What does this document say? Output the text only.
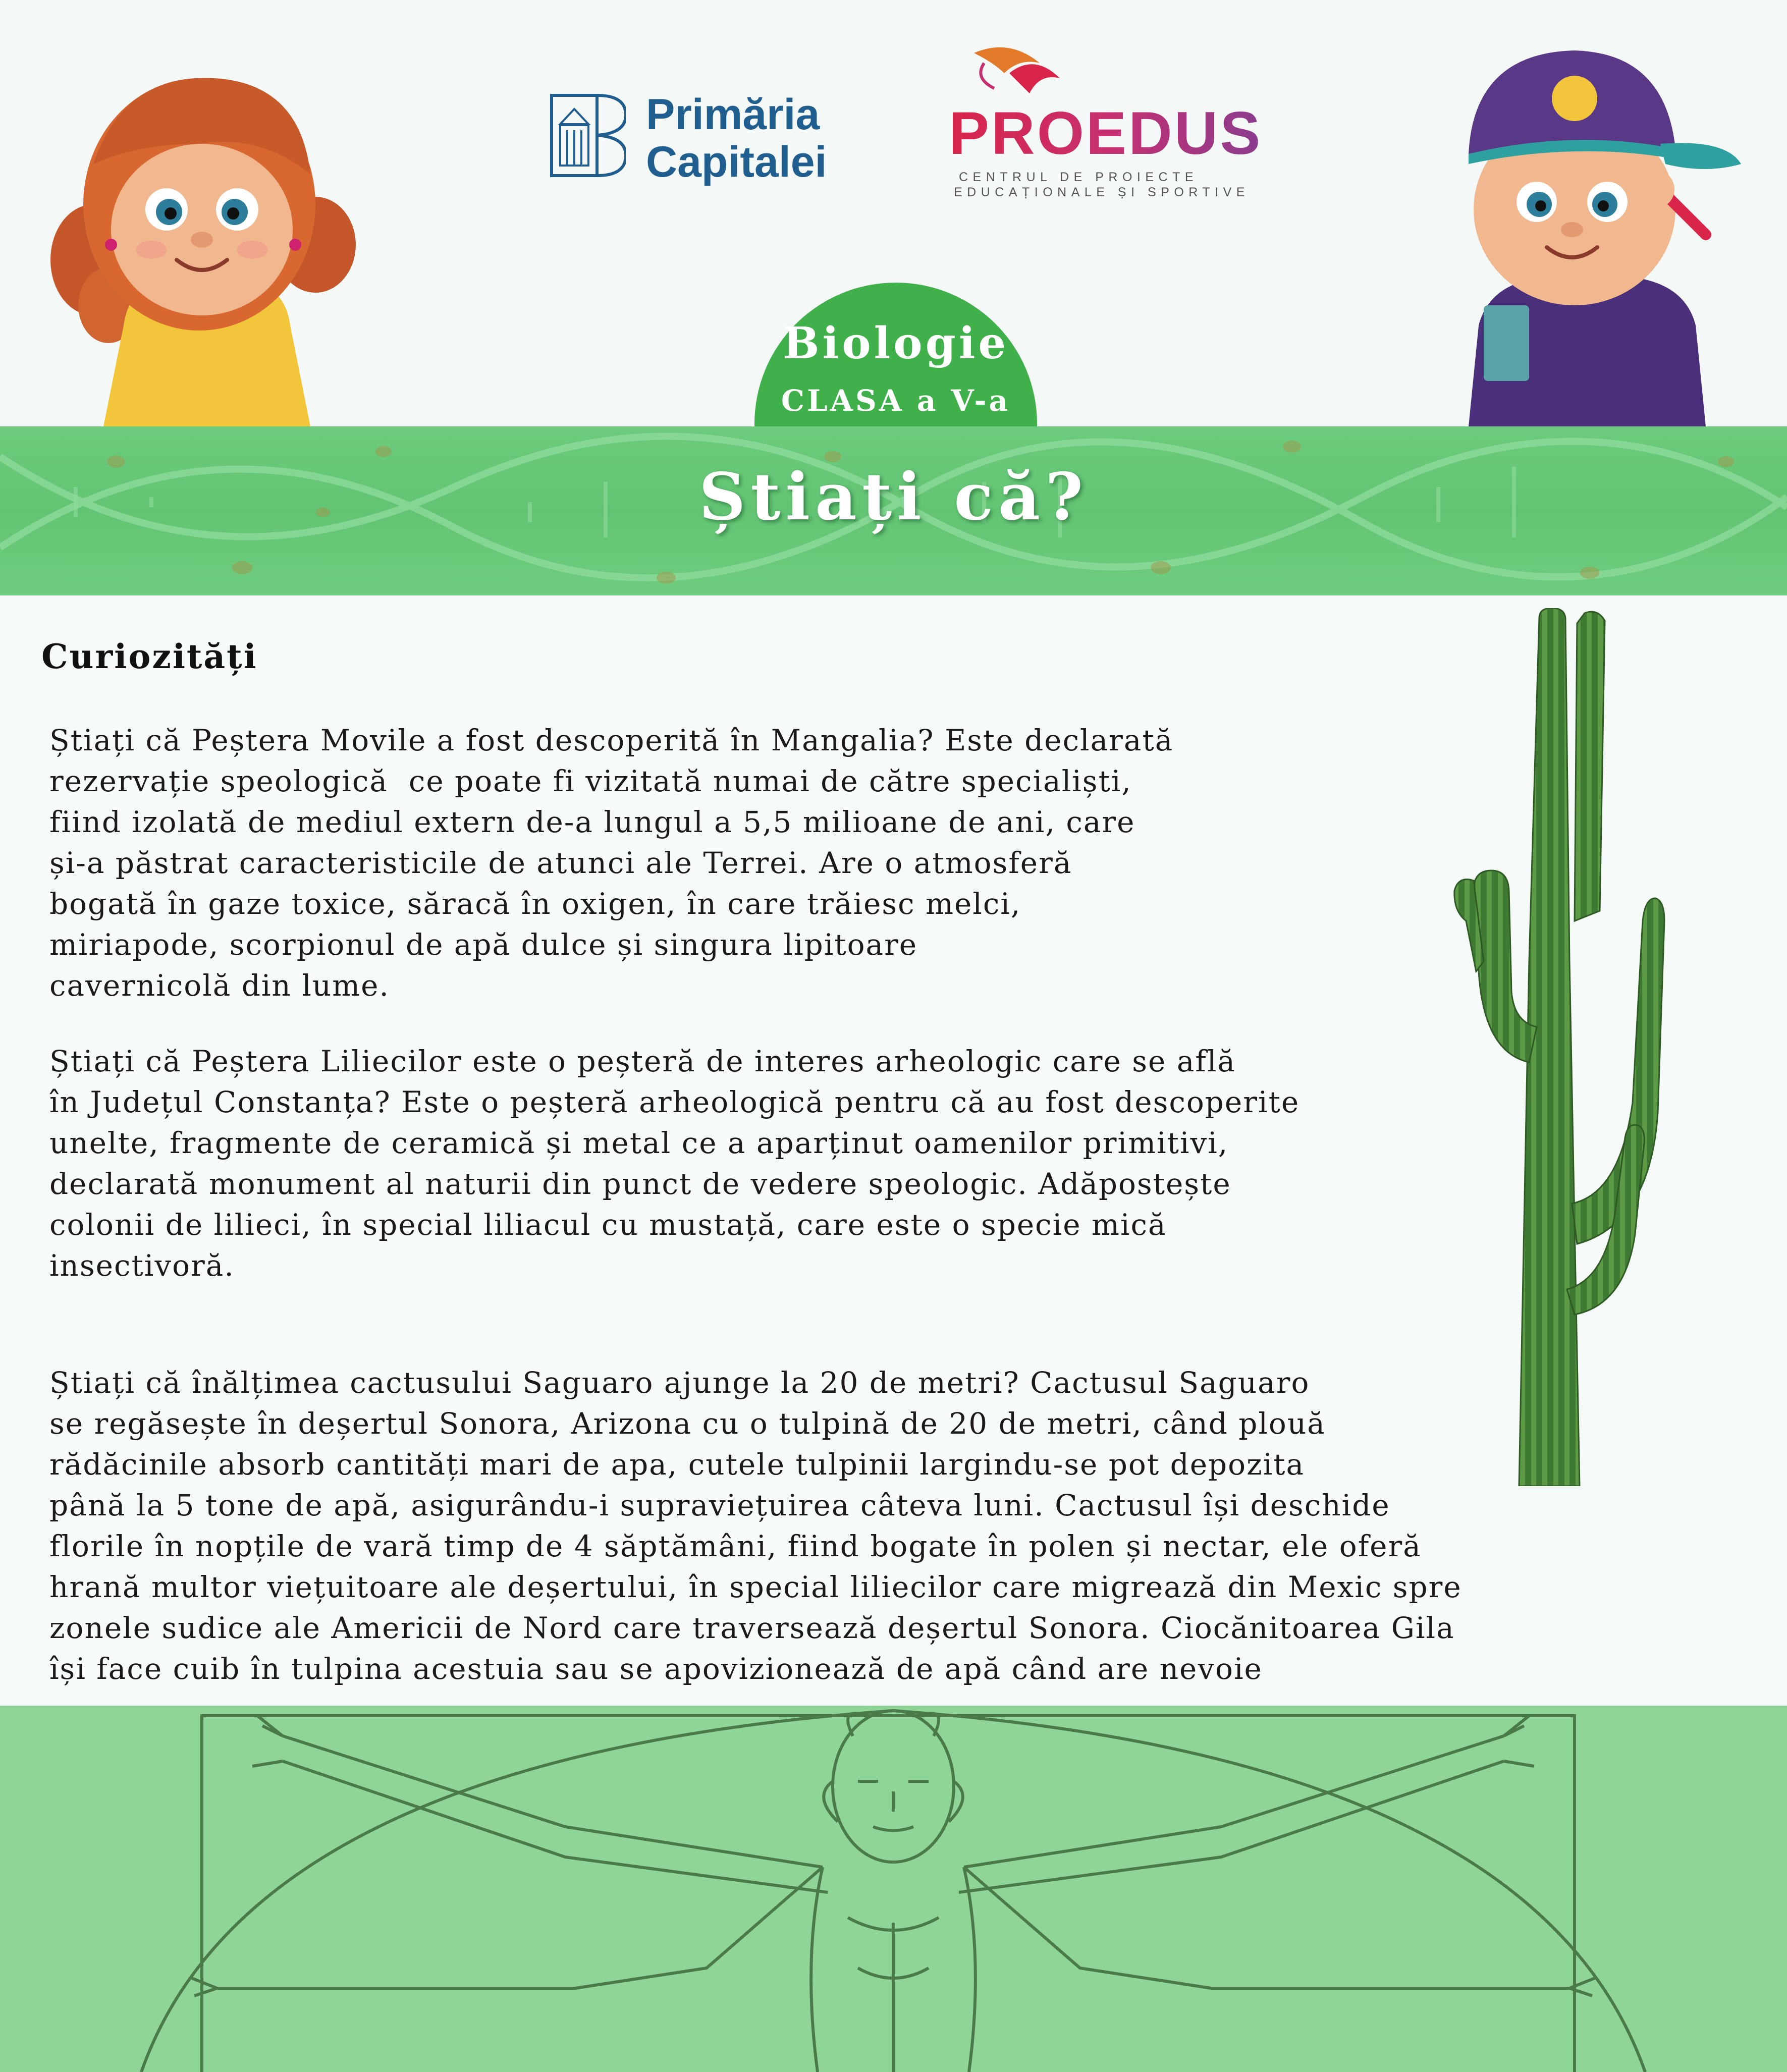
Primăria
Capitalei PROEDUS
CENTRUL DE PROIECTE
EDUCAȚIONALE ȘI SPORTIVE
Biologie
CLASA a V-a
Știați că?
Curiozități

Știați că Peștera Movile a fost descoperită în Mangalia? Este declarată
rezervație speologică  ce poate fi vizitată numai de către specialiști,
fiind izolată de mediul extern de-a lungul a 5,5 milioane de ani, care
și-a păstrat caracteristicile de atunci ale Terrei. Are o atmosferă
bogată în gaze toxice, săracă în oxigen, în care trăiesc melci,
miriapode, scorpionul de apă dulce și singura lipitoare
cavernicolă din lume.

Știați că Peștera Liliecilor este o peșteră de interes arheologic care se află
în Județul Constanța? Este o peșteră arheologică pentru că au fost descoperite
unelte, fragmente de ceramică și metal ce a aparținut oamenilor primitivi,
declarată monument al naturii din punct de vedere speologic. Adăpostește
colonii de lilieci, în special liliacul cu mustață, care este o specie mică
insectivoră.

Știați că înălțimea cactusului Saguaro ajunge la 20 de metri? Cactusul Saguaro
se regăsește în deșertul Sonora, Arizona cu o tulpină de 20 de metri, când plouă
rădăcinile absorb cantități mari de apa, cutele tulpinii largindu-se pot depozita
până la 5 tone de apă, asigurându-i supraviețuirea câteva luni. Cactusul își deschide
florile în nopțile de vară timp de 4 săptămâni, fiind bogate în polen și nectar, ele oferă
hrană multor viețuitoare ale deșertului, în special liliecilor care migrează din Mexic spre
zonele sudice ale Americii de Nord care traversează deșertul Sonora. Ciocănitoarea Gila
își face cuib în tulpina acestuia sau se apovizionează de apă când are nevoie
